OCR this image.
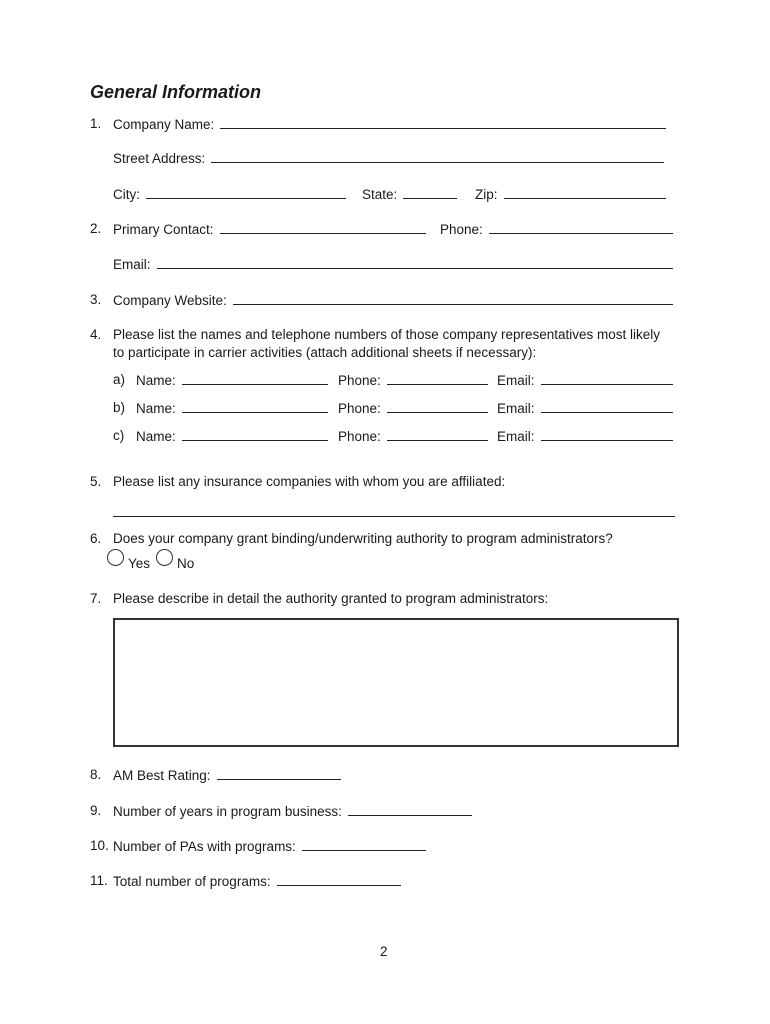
General Information
1. Company Name:
Street Address:
City:	State:	Zip:
2. Primary Contact:	Phone:
Email:
3. Company Website:
4. Please list the names and telephone numbers of those company representatives most likely
to participate in carrier activities (attach additional sheets if necessary):
a) Name:	Phone:	Email:
b) Name:	Phone:	Email:
c) Name:	Phone:	Email:
5. Please list any insurance companies with whom you are affiliated:
6. Does your company grant binding/underwriting authority to program administrators?
Yes No
7. Please describe in detail the authority granted to program administrators:
8. AM Best Rating:
9. Number of years in program business:
10. Number of PAs with programs:
11. Total number of programs:
2
